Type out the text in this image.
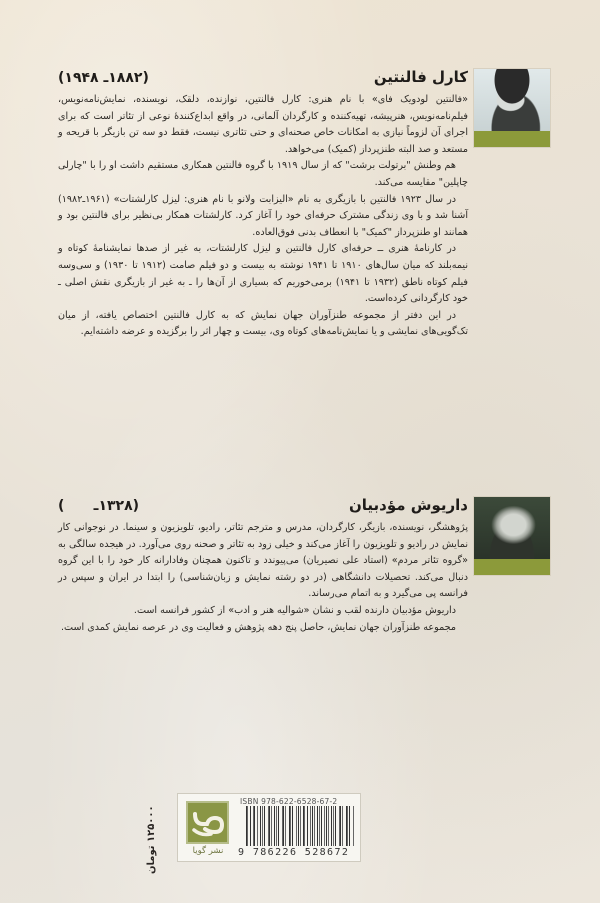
کارل فالنتین
(۱۸۸۲ـ ۱۹۴۸)

«فالنتین لودویک فای» با نام هنری: کارل فالنتین، نوازنده، دلقک، نویسنده، نمایش‌نامه‌نویس، فیلم‌نامه‌نویس، هنرپیشه، تهیه‌کننده و کارگردان آلمانی، در واقع ابداع‌کنندهٔ نوعی از تئاتر است که برای اجرای آن لزوماً نیازی به امکانات خاص صحنه‌ای و حتی تئاتری نیست، فقط دو سه تن بازیگر با قریحه و مستعد و صد البته طنزپرداز (کمیک) می‌خواهد.

هم وطنش "برتولت برشت" که از سال ۱۹۱۹ با گروه فالنتین همکاری مستقیم داشت او را با "چارلی چاپلین" مقایسه می‌کند.

در سال ۱۹۲۳ فالنتین با بازیگری به نام «الیزابت ولانو با نام هنری: لیزل کارلشتات» (۱۹۶۱ـ۱۹۸۲) آشنا شد و با وی زندگی مشترک حرفه‌ای خود را آغاز کرد. کارلشتات همکار بی‌نظیر برای فالنتین بود و همانند او طنزپرداز "کمیک" با انعطاف بدنی فوق‌العاده.

در کارنامهٔ هنری ــ حرفه‌ای کارل فالنتین و لیزل کارلشتات، به غیر از صدها نمایشنامهٔ کوتاه و نیمه‌بلند که میان سال‌های ۱۹۱۰ تا ۱۹۴۱ نوشته به بیست و دو فیلم صامت (۱۹۱۲ تا ۱۹۳۰) و سی‌وسه فیلم کوتاه ناطق (۱۹۳۲ تا ۱۹۴۱) برمی‌خوریم که بسیاری از آن‌ها را ـ به غیر از بازیگری نقش اصلی ـ خود کارگردانی کرده‌است.

در این دفتر از مجموعه طنزآوران جهان نمایش که به کارل فالنتین اختصاص یافته، از میان تک‌گویی‌های نمایشی و یا نمایش‌نامه‌های کوتاه وی، بیست و چهار اثر را برگزیده و عرضه داشته‌ایم.

داریوش مؤدبیان
(۱۳۲۸ـ      )

پژوهشگر، نویسنده، بازیگر، کارگردان، مدرس و مترجم تئاتر، رادیو، تلویزیون و سینما. در نوجوانی کار نمایش در رادیو و تلویزیون را آغاز می‌کند و خیلی زود به تئاتر و صحنه روی می‌آورد. در هیجده سالگی به «گروه تئاتر مردم» (استاد علی نصیریان) می‌پیوندد و تاکنون همچنان وفادارانه کار خود را با این گروه دنبال می‌کند. تحصیلات دانشگاهی (در دو رشته نمایش و زبان‌شناسی) را ابتدا در ایران و سپس در فرانسه پی می‌گیرد و به اتمام می‌رساند.

داریوش مؤدبیان دارنده لقب و نشان «شوالیه هنر و ادب» از کشور فرانسه است.

مجموعه طنزآوران جهان نمایش، حاصل پنج دهه پژوهش و فعالیت وی در عرصه نمایش کمدی است.

۱۲۵۰۰۰ تومان
نشر گویا
ISBN 978-622-6528-67-2
9 786226 528672
